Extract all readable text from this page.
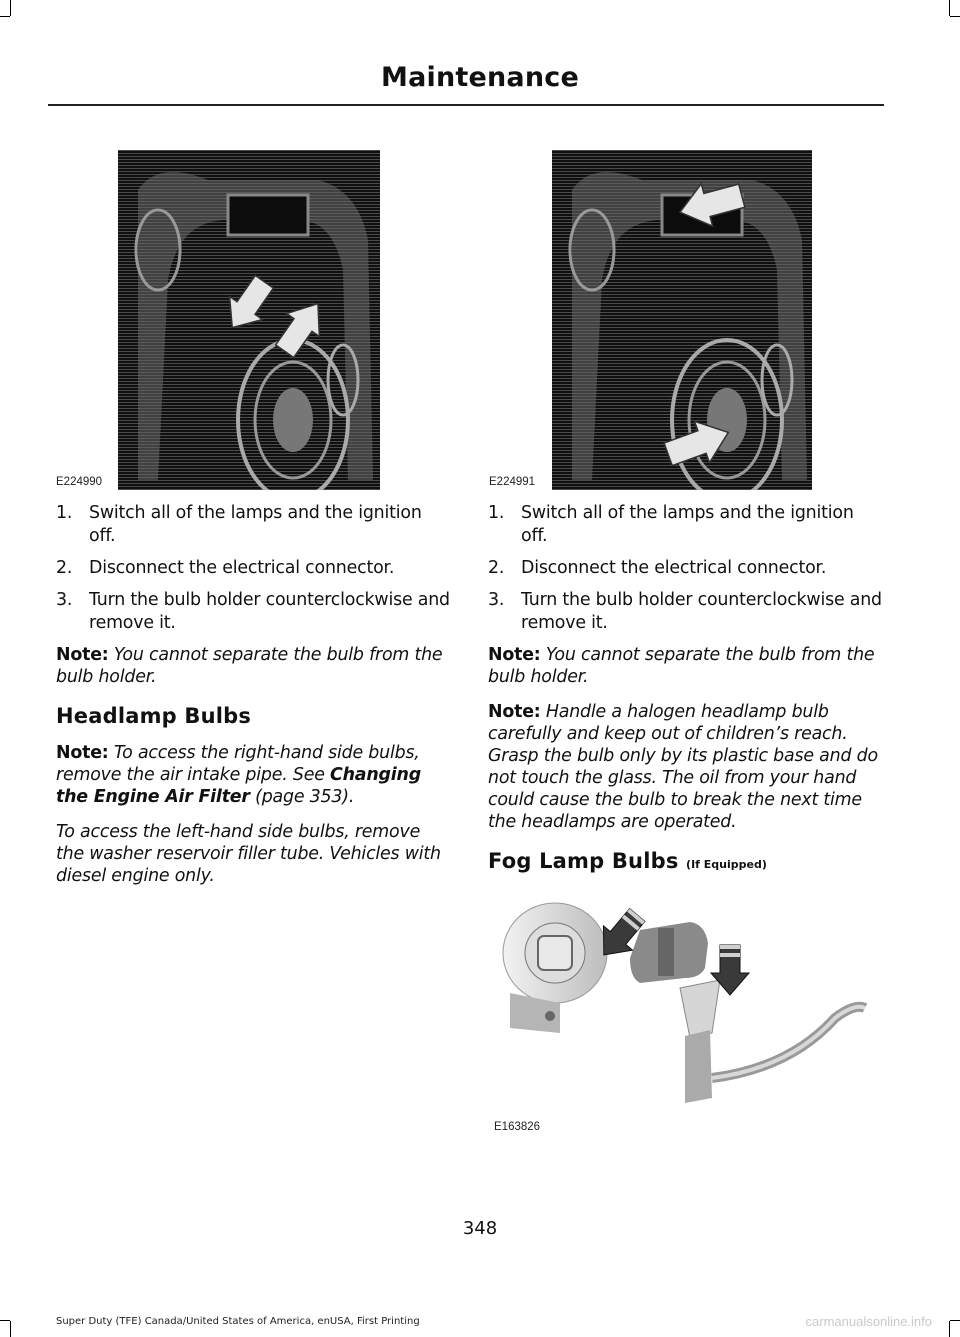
Maintenance
E224990	E224991
1. Switch all of the lamps and the ignition off.
2. Disconnect the electrical connector.
3. Turn the bulb holder counterclockwise and remove it.

Note: You cannot separate the bulb from the bulb holder.

Headlamp Bulbs

Note: To access the right-hand side bulbs, remove the air intake pipe. See Changing the Engine Air Filter (page 353).

To access the left-hand side bulbs, remove the washer reservoir filler tube. Vehicles with diesel engine only.

1. Switch all of the lamps and the ignition off.
2. Disconnect the electrical connector.
3. Turn the bulb holder counterclockwise and remove it.

Note: You cannot separate the bulb from the bulb holder.

Note: Handle a halogen headlamp bulb carefully and keep out of children’s reach. Grasp the bulb only by its plastic base and do not touch the glass. The oil from your hand could cause the bulb to break the next time the headlamps are operated.

Fog Lamp Bulbs (If Equipped)
E163826
348
Super Duty (TFE) Canada/United States of America, enUSA, First Printing	carmanualsonline.info
